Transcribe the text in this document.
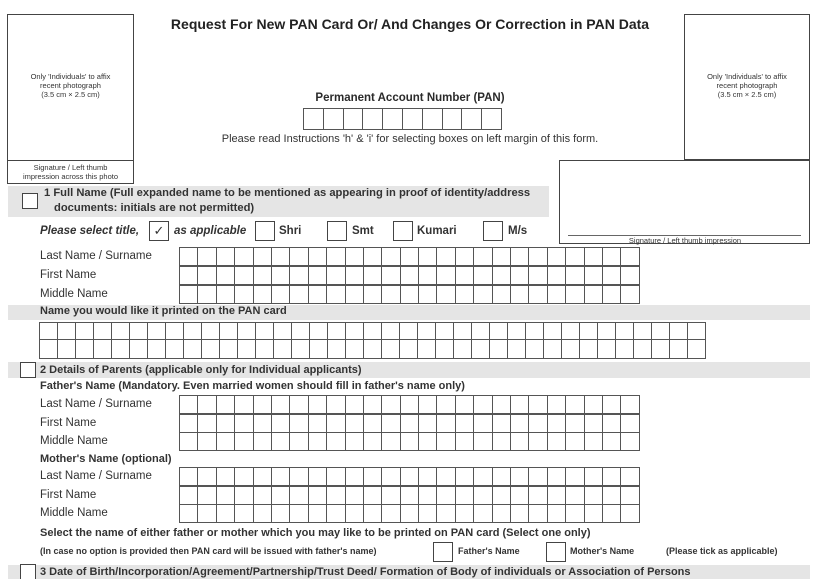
Request For New PAN Card Or/ And Changes Or Correction in PAN Data
Only 'Individuals' to affix
recent photograph
(3.5 cm × 2.5 cm)
Signature / Left thumb
impression across this photo
Only 'Individuals' to affix
recent photograph
(3.5 cm × 2.5 cm)
Permanent Account Number (PAN)
Please read Instructions 'h' & 'i' for selecting boxes on left margin of this form.
Signature / Left thumb impression
1 Full Name (Full expanded name to be mentioned as appearing in proof of identity/address
documents: initials are not permitted)
Please select title,	✓ as applicable	Shri	Smt	Kumari	M/s
Last Name / Surname
First Name
Middle Name
Name you would like it printed on the PAN card
2 Details of Parents (applicable only for Individual applicants)
Father's Name (Mandatory. Even married women should fill in father's name only)
Last Name / Surname
First Name
Middle Name
Mother's Name (optional)
Last Name / Surname
First Name
Middle Name
Select the name of either father or mother which you may like to be printed on PAN card (Select one only)
(In case no option is provided then PAN card will be issued with father's name)	Father's Name	Mother's Name	(Please tick as applicable)
3 Date of Birth/Incorporation/Agreement/Partnership/Trust Deed/ Formation of Body of individuals or Association of Persons
